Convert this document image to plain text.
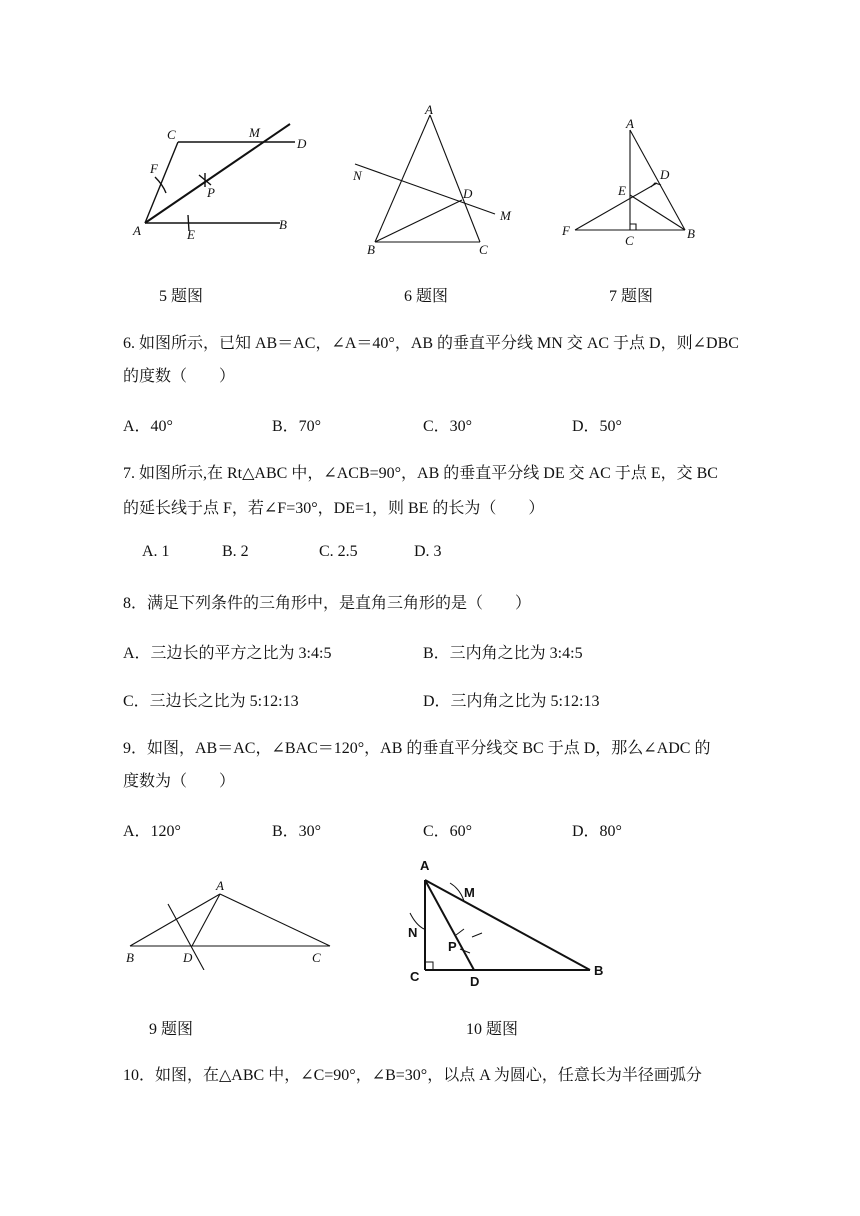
C	M
D
F
P
A	E
B
5 题图
A
N
D
M
B	C
6 题图
A
D
E
F
C	B
7 题图
6. 如图所示，已知 AB＝AC，∠A＝40°，AB 的垂直平分线 MN 交 AC 于点 D，则∠DBC
的度数（　　）
A．40°	B．70°	C．30°	D．50°
7. 如图所示,在 Rt△ABC 中，∠ACB=90°，AB 的垂直平分线 DE 交 AC 于点 E，交 BC
的延长线于点 F，若∠F=30°，DE=1，则 BE 的长为（　　）
A. 1	B. 2	C. 2.5	D. 3
8．满足下列条件的三角形中，是直角三角形的是（　　）
A．三边长的平方之比为 3:4:5	B．三内角之比为 3:4:5
C．三边长之比为 5:12:13	D．三内角之比为 5:12:13
9．如图，AB＝AC，∠BAC＝120°，AB 的垂直平分线交 BC 于点 D，那么∠ADC 的
度数为（　　）
A．120°	B．30°	C．60°	D．80°
A
B	D	C
9 题图
A
M
N
P
C	D
B
10 题图
10．如图，在△ABC 中，∠C=90°，∠B=30°，以点 A 为圆心，任意长为半径画弧分
